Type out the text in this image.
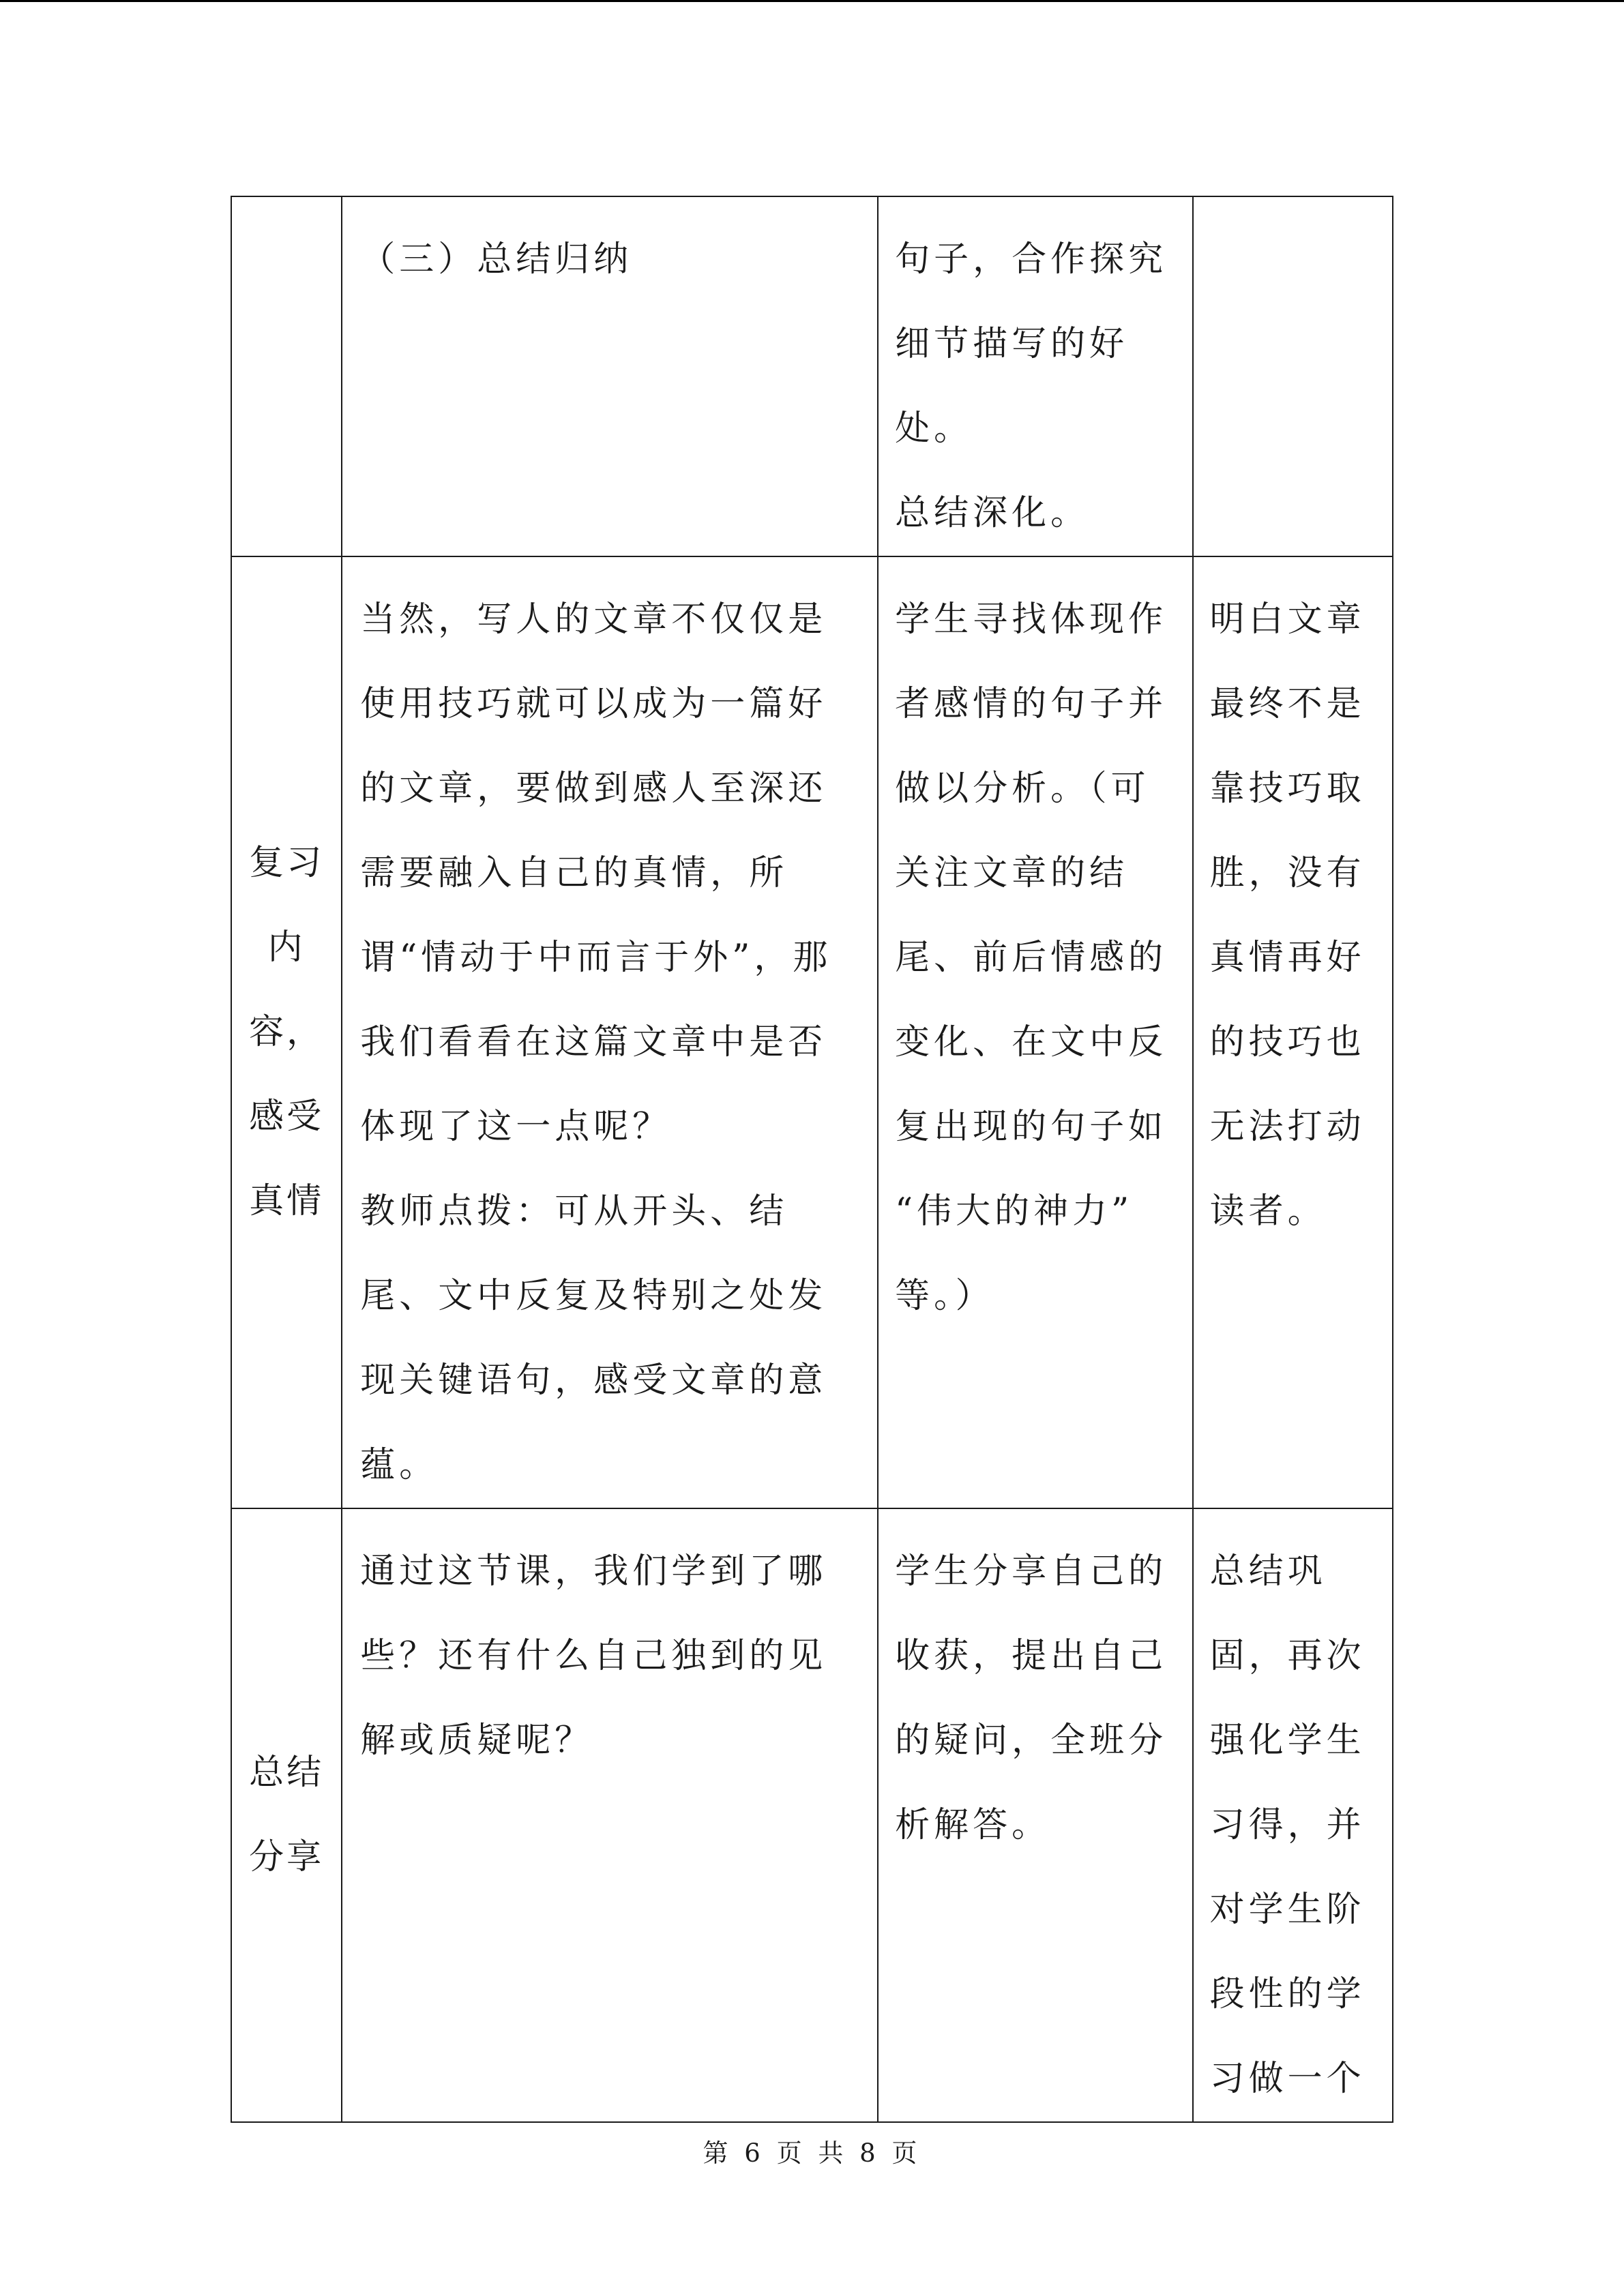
	（三）总结归纳	句子，合作探究
细节描写的好
处。
总结深化。	

复习
内
容，
感受
真情	当然，写人的文章不仅仅是使用技巧就可以成为一篇好的文章，要做到感人至深还需要融入自己的真情，所谓“情动于中而言于外”，那我们看看在这篇文章中是否体现了这一点呢？
教师点拨：可从开头、结尾、文中反复及特别之处发现关键语句，感受文章的意蕴。	学生寻找体现作者感情的句子并做以分析。（可
关注文章的结
尾、前后情感的变化、在文中反复出现的句子如
“伟大的神力”
等。）	明白文章最终不是靠技巧取胜，没有真情再好的技巧也无法打动读者。

总结
分享	通过这节课，我们学到了哪些？还有什么自己独到的见解或质疑呢？	学生分享自己的收获，提出自己的疑问，全班分析解答。	总结巩固，再次强化学生习得，并对学生阶段性的学习做一个
第 6 页 共 8 页
